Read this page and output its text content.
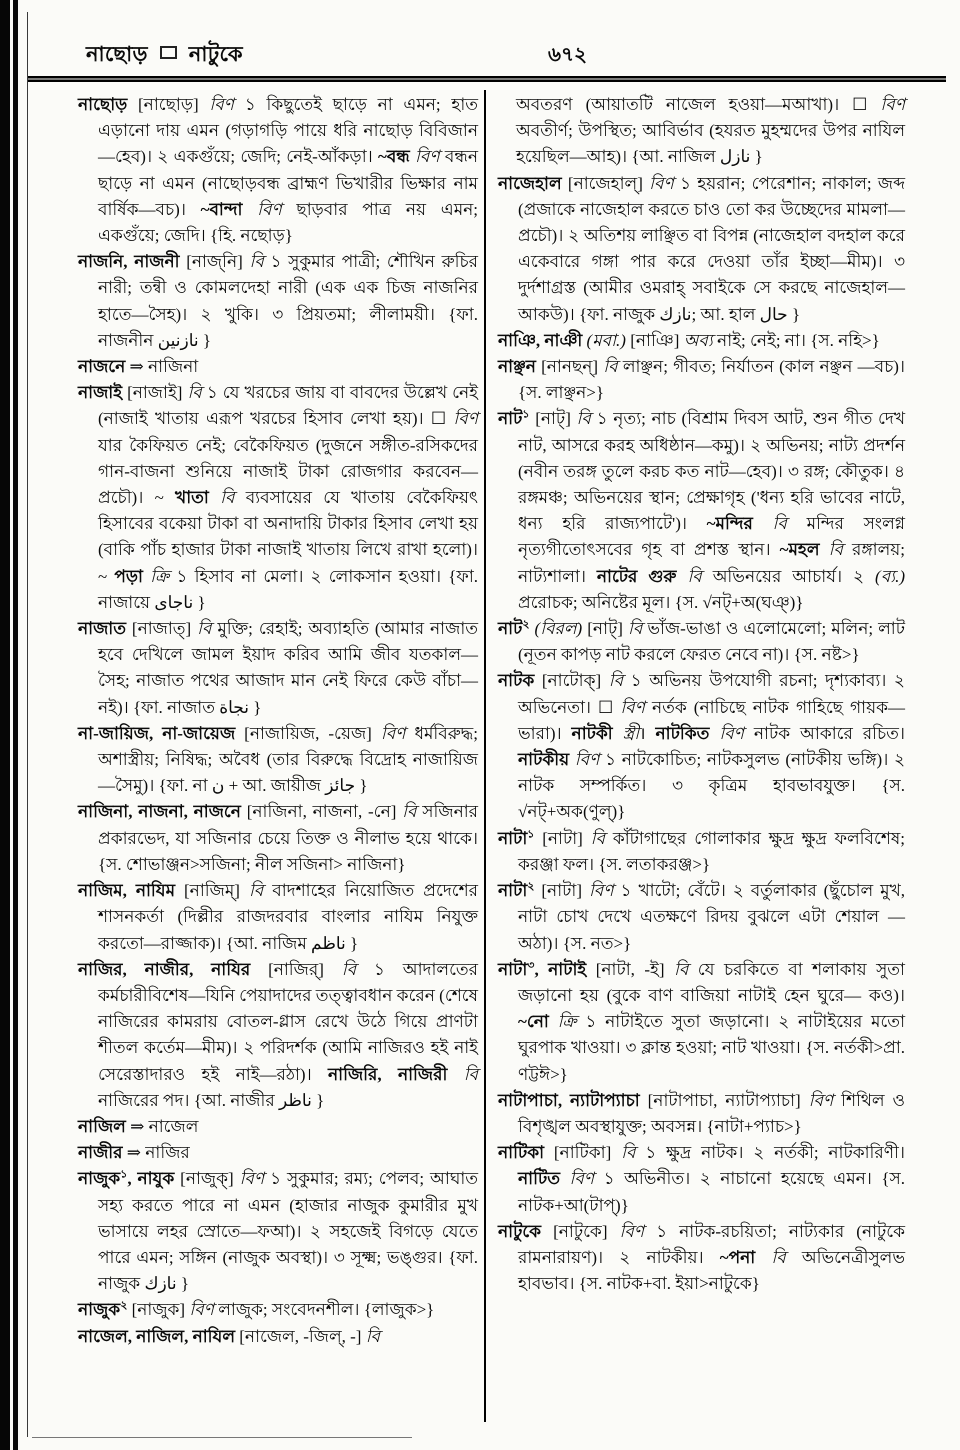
নাছোড় নাটুকে	৬৭২

নাছোড় [নাছোড়] বিণ ১ কিছুতেই ছাড়ে না এমন; হাত এড়ানো দায় এমন (গড়াগড়ি পায়ে ধরি নাছোড় বিবিজান —হেব)। ২ একগুঁয়ে; জেদি; নেই-আঁকড়া। ~বন্ধ বিণ বন্ধন ছাড়ে না এমন (নাছোড়বন্ধ ব্রাহ্মণ ভিখারীর ভিক্ষার নাম বার্ষিক—বচ)। ~বান্দা বিণ ছাড়বার পাত্র নয় এমন; একগুঁয়ে; জেদি। {হি. নছোড়}

নাজনি, নাজনী [নাজ্‌নি] বি ১ সুকুমার পাত্রী; শৌখিন রুচির নারী; তন্বী ও কোমলদেহা নারী (এক এক চিজ নাজনির হাতে—সৈহ)। ২ খুকি। ৩ প্রিয়তমা; লীলাময়ী। {ফা. নাজনীন نازنين }

নাজনে ⇒ নাজিনা

নাজাই [নাজাই] বি ১ যে খরচের জায় বা বাবদের উল্লেখ নেই (নাজাই খাতায় এরূপ খরচের হিসাব লেখা হয়)। ☐ বিণ যার কৈফিয়ত নেই; বেকৈফিয়ত (দুজনে সঙ্গীত-রসিকদের গান-বাজনা শুনিয়ে নাজাই টাকা রোজগার করবেন—প্রচৌ)। ~ খাতা বি ব্যবসায়ের যে খাতায় বেকৈফিয়ৎ হিসাবের বকেয়া টাকা বা অনাদায়ি টাকার হিসাব লেখা হয় (বাকি পাঁচ হাজার টাকা নাজাই খাতায় লিখে রাখা হলো)। ~ পড়া ক্রি ১ হিসাব না মেলা। ২ লোকসান হওয়া। {ফা. নাজায়ে ناجاى }

নাজাত [নাজাত্] বি মুক্তি; রেহাই; অব্যাহতি (আমার নাজাত হবে দেখিলে জামল ইয়াদ করিব আমি জীব যতকাল—সৈহ; নাজাত পথের আজাদ মান নেই ফিরে কেউ বাঁচা—নই)। {ফা. নাজাত نجاة }

না-জায়িজ, না-জায়েজ [নাজায়িজ, -য়েজ] বিণ ধর্মবিরুদ্ধ; অশাস্ত্রীয়; নিষিদ্ধ; অবৈধ (তার বিরুদ্ধে বিদ্রোহ নাজায়িজ—সৈমু)। {ফা. না ن + আ. জায়ীজ جائز }

নাজিনা, নাজনা, নাজনে [নাজিনা, নাজনা, -নে] বি সজিনার প্রকারভেদ, যা সজিনার চেয়ে তিক্ত ও নীলাভ হয়ে থাকে। {স. শোভাঞ্জন>সজিনা; নীল সজিনা> নাজিনা}

নাজিম, নাযিম [নাজিম্] বি বাদশাহের নিয়োজিত প্রদেশের শাসনকর্তা (দিল্লীর রাজদরবার বাংলার নাযিম নিযুক্ত করতো—রাজ্জাক)। {আ. নাজিম ناظم }

নাজির, নাজীর, নাযির [নাজির্] বি ১ আদালতের কর্মচারীবিশেষ—যিনি পেয়াদাদের তত্ত্বাবধান করেন (শেষে নাজিরের কামরায় বোতল-গ্লাস রেখে উঠে গিয়ে প্রাণটা শীতল কর্তেম—মীম)। ২ পরিদর্শক (আমি নাজিরও হই নাই সেরেস্তাদারও হই নাই—রঠা)। নাজিরি, নাজিরী বি নাজিরের পদ। {আ. নাজীর ناظر }

নাজিল ⇒ নাজেল

নাজীর ⇒ নাজির

নাজুক$^১$, নাযুক [নাজুক্] বিণ ১ সুকুমার; রম্য; পেলব; আঘাত সহ্য করতে পারে না এমন (হাজার নাজুক কুমারীর মুখ ভাসায়ে লহর স্রোতে—ফআ)। ২ সহজেই বিগড়ে যেতে পারে এমন; সঙ্গিন (নাজুক অবস্থা)। ৩ সূক্ষ্ম; ভঙ্গুর। {ফা. নাজুক نازك }

নাজুক$^২$ [নাজুক] বিণ লাজুক; সংবেদনশীল। {লাজুক>}

নাজেল, নাজিল, নাযিল [নাজেল, -জিল্, -] বি

অবতরণ (আয়াতটি নাজেল হওয়া—মআখা)। ☐ বিণ অবতীর্ণ; উপস্থিত; আবির্ভাব (হযরত মুহম্মদের উপর নাযিল হয়েছিল—আহ)। {আ. নাজিল نازل }

নাজেহাল [নাজেহাল্] বিণ ১ হয়রান; পেরেশান; নাকাল; জব্দ (প্রজাকে নাজেহাল করতে চাও তো কর উচ্ছেদের মামলা—প্রচৌ)। ২ অতিশয় লাঞ্ছিত বা বিপন্ন (নাজেহাল বদহাল করে একেবারে গঙ্গা পার করে দেওয়া তাঁর ইচ্ছা—মীম)। ৩ দুর্দশাগ্রস্ত (আমীর ওমরাহ্ সবাইকে সে করছে নাজেহাল—আকউ)। {ফা. নাজুক نازك; আ. হাল حال }

নাঞি, নাঞী (মবা.) [নাঞি] অব্য নাই; নেই; না। {স. নহি>}

নাঞ্ছন [নানছন্] বি লাঞ্ছন; গীবত; নির্যাতন (কাল নঞ্ছন —বচ)। {স. লাঞ্ছন>}

নাট$^১$ [নাট্] বি ১ নৃত্য; নাচ (বিশ্রাম দিবস আট, শুন গীত দেখ নাট, আসরে করহ অধিষ্ঠান—কমু)। ২ অভিনয়; নাট্য প্রদর্শন (নবীন তরঙ্গ তুলে করচ কত নাট—হেব)। ৩ রঙ্গ; কৌতুক। ৪ রঙ্গমঞ্চ; অভিনয়ের স্থান; প্রেক্ষাগৃহ ('ধন্য হরি ভাবের নাটে, ধন্য হরি রাজ্যপাটে')। ~মন্দির বি মন্দির সংলগ্ন নৃত্যগীতোৎসবের গৃহ বা প্রশস্ত স্থান। ~মহল বি রঙ্গালয়; নাট্যশালা। নাটের গুরু বি অভিনয়ের আচার্য। ২ (ব্য.) প্ররোচক; অনিষ্টের মূল। {স. √নট্+অ(ঘঞ্)}

নাট$^২$ (বিরল) [নাট্] বি ভাঁজ-ভাঙা ও এলোমেলো; মলিন; লাট (নূতন কাপড় নাট করলে ফেরত নেবে না)। {স. নষ্ট>}

নাটক [নাটোক্] বি ১ অভিনয় উপযোগী রচনা; দৃশ্যকাব্য। ২ অভিনেতা। ☐ বিণ নর্তক (নাচিছে নাটক গাহিছে গায়ক—ভারা)। নাটকী স্ত্রী। নাটকিত বিণ নাটক আকারে রচিত। নাটকীয় বিণ ১ নাটকোচিত; নাটকসুলভ (নাটকীয় ভঙ্গি)। ২ নাটক সম্পর্কিত। ৩ কৃত্রিম হাবভাবযুক্ত। {স. √নট্+অক(ণুল্)}

নাটা$^১$ [নাটা] বি কাঁটাগাছের গোলাকার ক্ষুদ্র ক্ষুদ্র ফলবিশেষ; করঞ্জা ফল। {স. লতাকরঞ্জ>}

নাটা$^২$ [নাটা] বিণ ১ খাটো; বেঁটে। ২ বর্তুলাকার (ছুঁচোল মুখ, নাটা চোখ দেখে এতক্ষণে রিদয় বুঝলে এটা শেয়াল —অঠা)। {স. নত>}

নাটা$^৩$, নাটাই [নাটা, -ই] বি যে চরকিতে বা শলাকায় সুতা জড়ানো হয় (বুকে বাণ বাজিয়া নাটাই হেন ঘুরে— কও)। ~নো ক্রি ১ নাটাইতে সুতা জড়ানো। ২ নাটাইয়ের মতো ঘুরপাক খাওয়া। ৩ ক্লান্ত হওয়া; নাট খাওয়া। {স. নর্তকী>প্রা. ণট্টঈ>}

নাটাপাচা, ন্যাটাপ্যাচা [নাটাপাচা, ন্যাটাপ্যাচা] বিণ শিথিল ও বিশৃঙ্খল অবস্থাযুক্ত; অবসন্ন। {নাটা+প্যাচ>}

নাটিকা [নাটিকা] বি ১ ক্ষুদ্র নাটক। ২ নর্তকী; নাটকারিণী। নাটিত বিণ ১ অভিনীত। ২ নাচানো হয়েছে এমন। {স. নাটক+আ(টাপ্)}

নাটুকে [নাটুকে] বিণ ১ নাটক-রচয়িতা; নাট্যকার (নাটুকে রামনারায়ণ)। ২ নাটকীয়। ~পনা বি অভিনেত্রীসুলভ হাবভাব। {স. নাটক+বা. ইয়া>নাটুকে}
